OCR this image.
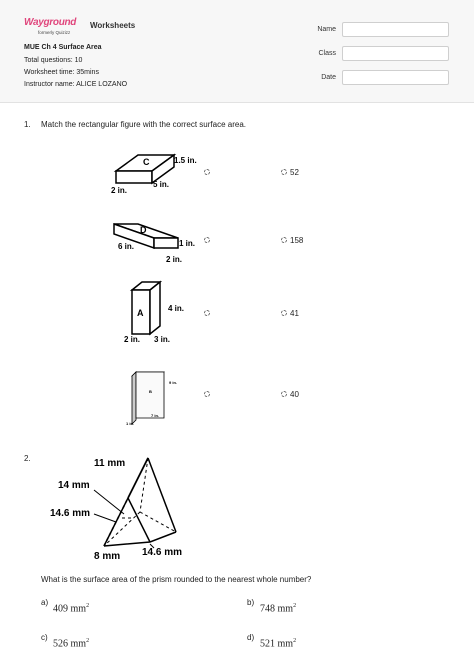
Wayground
formerly Quizizz
Worksheets
MUE Ch 4 Surface Area
Total questions: 10
Worksheet time: 35mins
Instructor name: ALICE LOZANO
Name
Class
Date
1. Match the rectangular figure with the correct surface area.
C	1.5 in.
5 in.
2 in.
52
D
6 in.	1 in.
2 in.
158
A	4 in.
2 in. 3 in.
41
B
9 in.
7 in.
1 in.
40
2.	11 mm
14 mm
14.6 mm
8 mm 14.6 mm
What is the surface area of the prism rounded to the nearest whole number?
a)
409 $mm^2$	b)
748 $mm^2$
c)
526 $mm^2$	d)
521 $mm^2$
